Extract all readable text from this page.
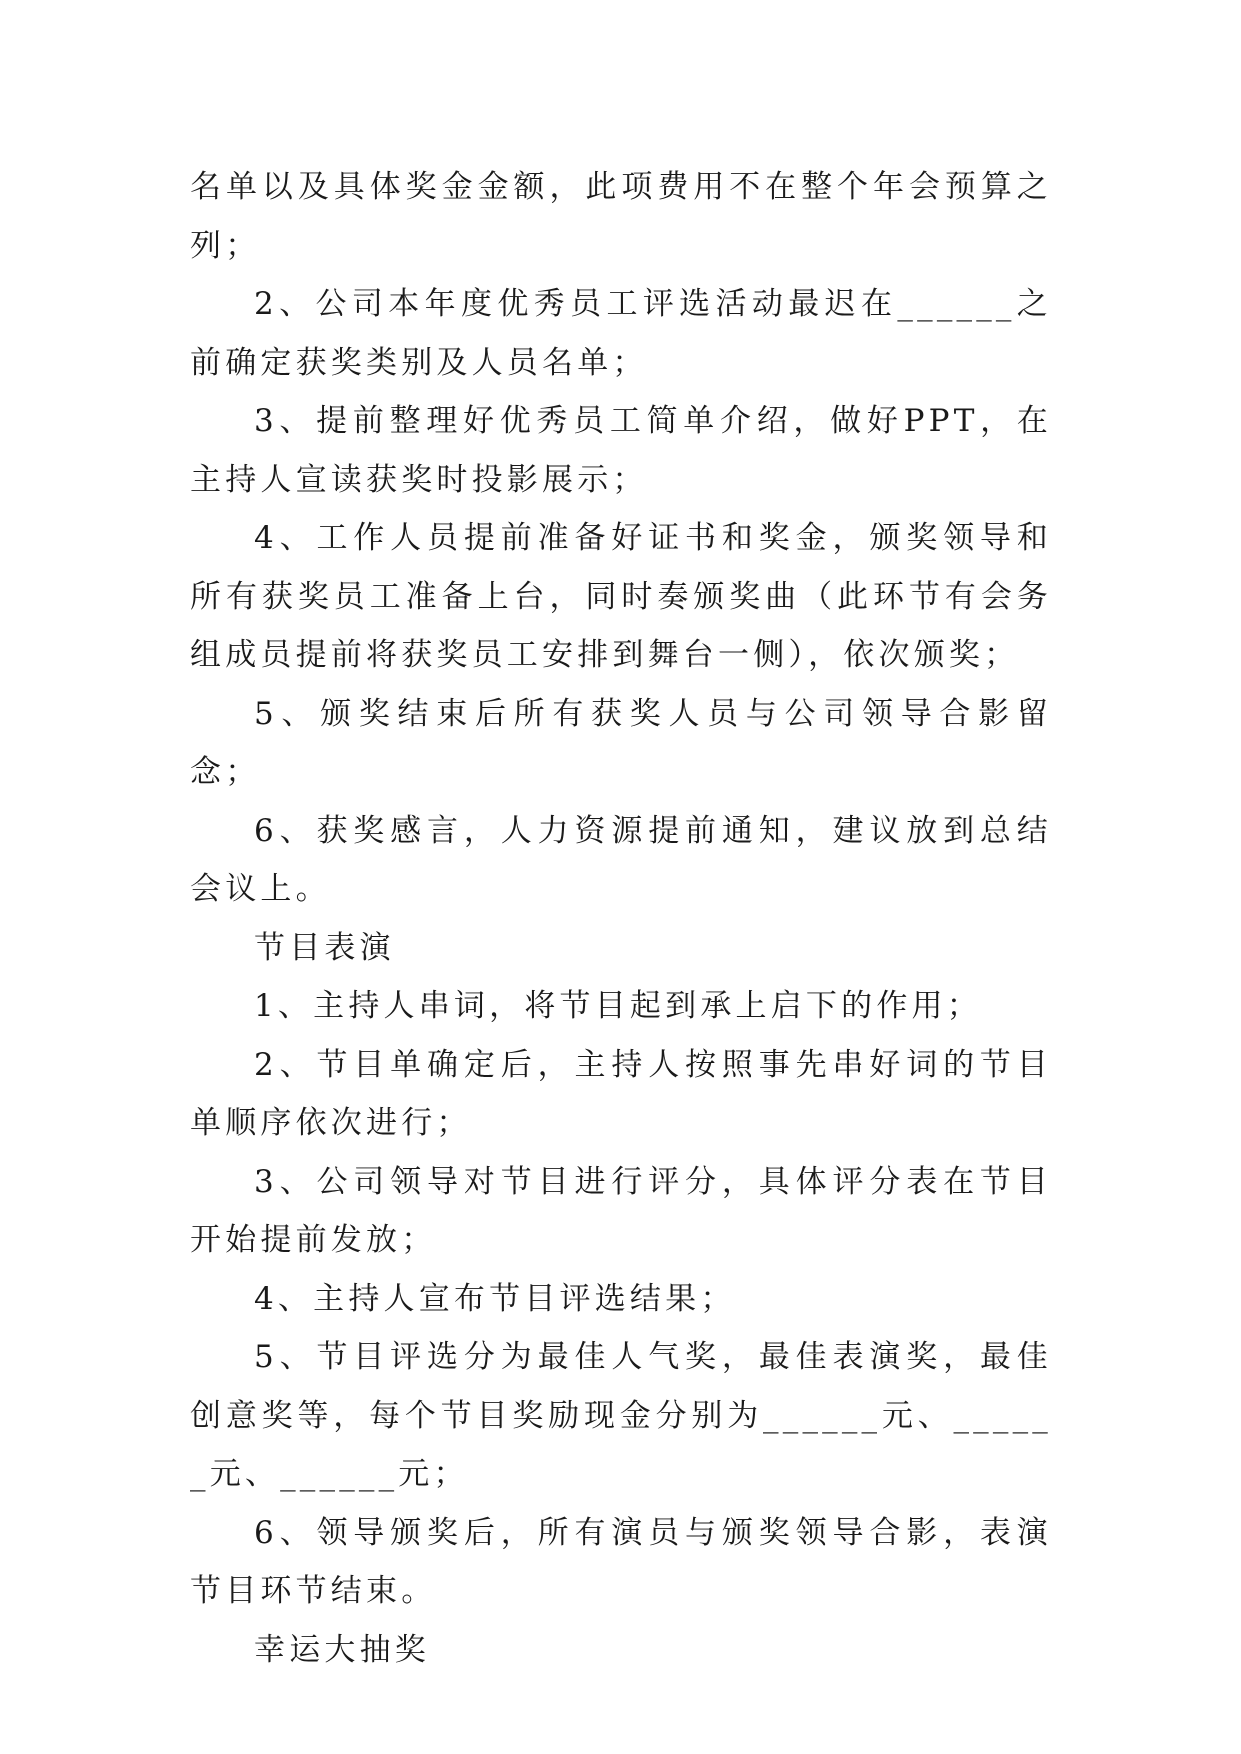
名单以及具体奖金金额，此项费用不在整个年会预算之列；

2、公司本年度优秀员工评选活动最迟在______之前确定获奖类别及人员名单；

3、提前整理好优秀员工简单介绍，做好PPT，在主持人宣读获奖时投影展示；

4、工作人员提前准备好证书和奖金，颁奖领导和所有获奖员工准备上台，同时奏颁奖曲（此环节有会务组成员提前将获奖员工安排到舞台一侧），依次颁奖；

5、颁奖结束后所有获奖人员与公司领导合影留念；

6、获奖感言，人力资源提前通知，建议放到总结会议上。

节目表演

1、主持人串词，将节目起到承上启下的作用；

2、节目单确定后，主持人按照事先串好词的节目单顺序依次进行；

3、公司领导对节目进行评分，具体评分表在节目开始提前发放；

4、主持人宣布节目评选结果；

5、节目评选分为最佳人气奖，最佳表演奖，最佳创意奖等，每个节目奖励现金分别为______元、______元、______元；

6、领导颁奖后，所有演员与颁奖领导合影，表演节目环节结束。

幸运大抽奖
